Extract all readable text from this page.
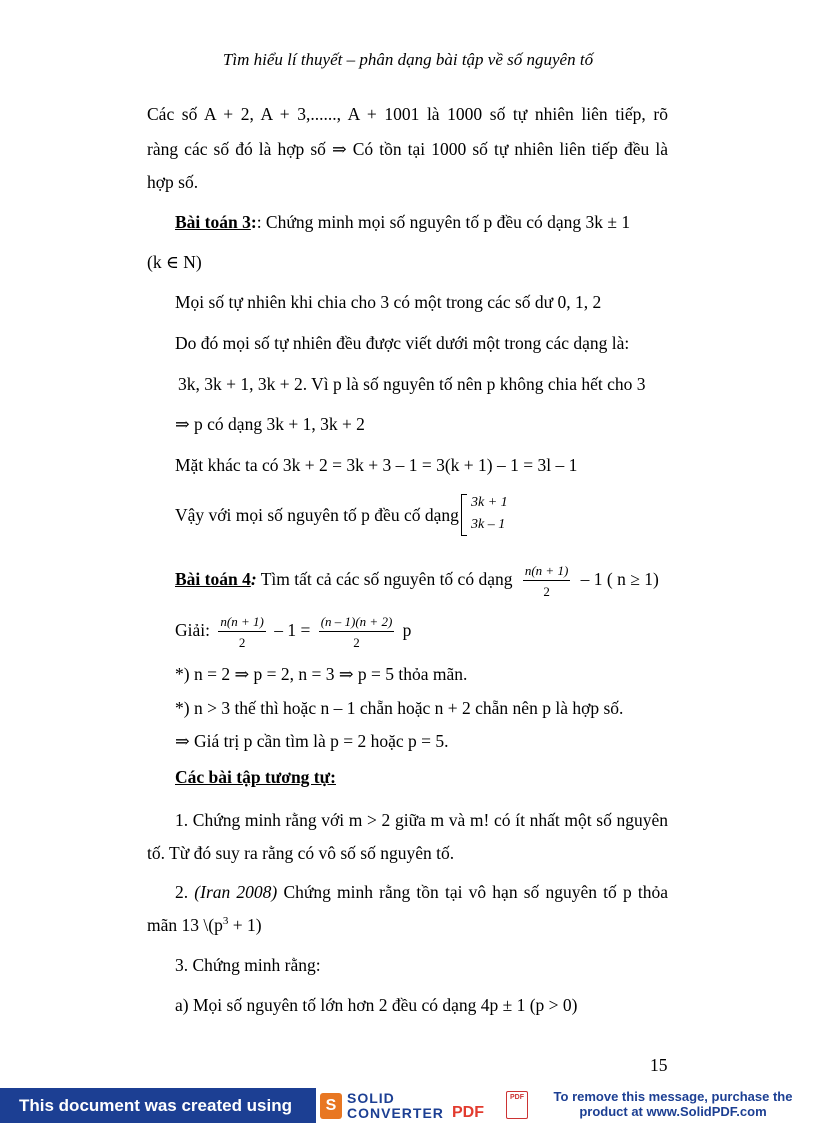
Tìm hiểu lí thuyết – phân dạng bài tập về số nguyên tố
Các số A + 2, A + 3,......, A + 1001 là 1000 số tự nhiên liên tiếp, rõ
ràng các số đó là hợp số ⇒ Có tồn tại 1000 số tự nhiên liên tiếp đều là
hợp số.
Bài toán 3:: Chứng minh mọi số nguyên tố p đều có dạng 3k ± 1
(k ∈ N)
Mọi số tự nhiên khi chia cho 3 có một trong các số dư 0, 1, 2
Do đó mọi số tự nhiên đều được viết dưới một trong các dạng là:
3k, 3k + 1, 3k + 2. Vì p là số nguyên tố nên p không chia hết cho 3
⇒ p có dạng 3k + 1, 3k + 2
Mặt khác ta có 3k + 2 = 3k + 3 – 1 = 3(k + 1) – 1 = 3l – 1
Vậy với mọi số nguyên tố p đều cố dạng
3k + 1
3k – 1
Bài toán 4: Tìm tất cả các số nguyên tố có dạng $\frac{n(n + 1)}{2} - 1$ ( n ≥ 1)
Giải: $\frac{n(n + 1)}{2} - 1 = \frac{(n - 1)(n + 2)}{2}$ p
*) n = 2 ⇒ p = 2, n = 3 ⇒ p = 5 thỏa mãn.
*) n > 3 thế thì hoặc n – 1 chẵn hoặc n + 2 chẵn nên p là hợp số.
⇒ Giá trị p cần tìm là p = 2 hoặc p = 5.
Các bài tập tương tự:
1. Chứng minh rằng với m > 2 giữa m và m! có ít nhất một số nguyên
tố. Từ đó suy ra rằng có vô số số nguyên tố.
2. (Iran 2008) Chứng minh rằng tồn tại vô hạn số nguyên tố p thỏa
mãn 13 $\backslash(p^3 + 1)$
3. Chứng minh rằng:
a) Mọi số nguyên tố lớn hơn 2 đều có dạng 4p ± 1 (p > 0)
15
This document was created using	S SOLID
CONVERTER PDF
PDF	To remove this message, purchase the
product at www.SolidPDF.com
